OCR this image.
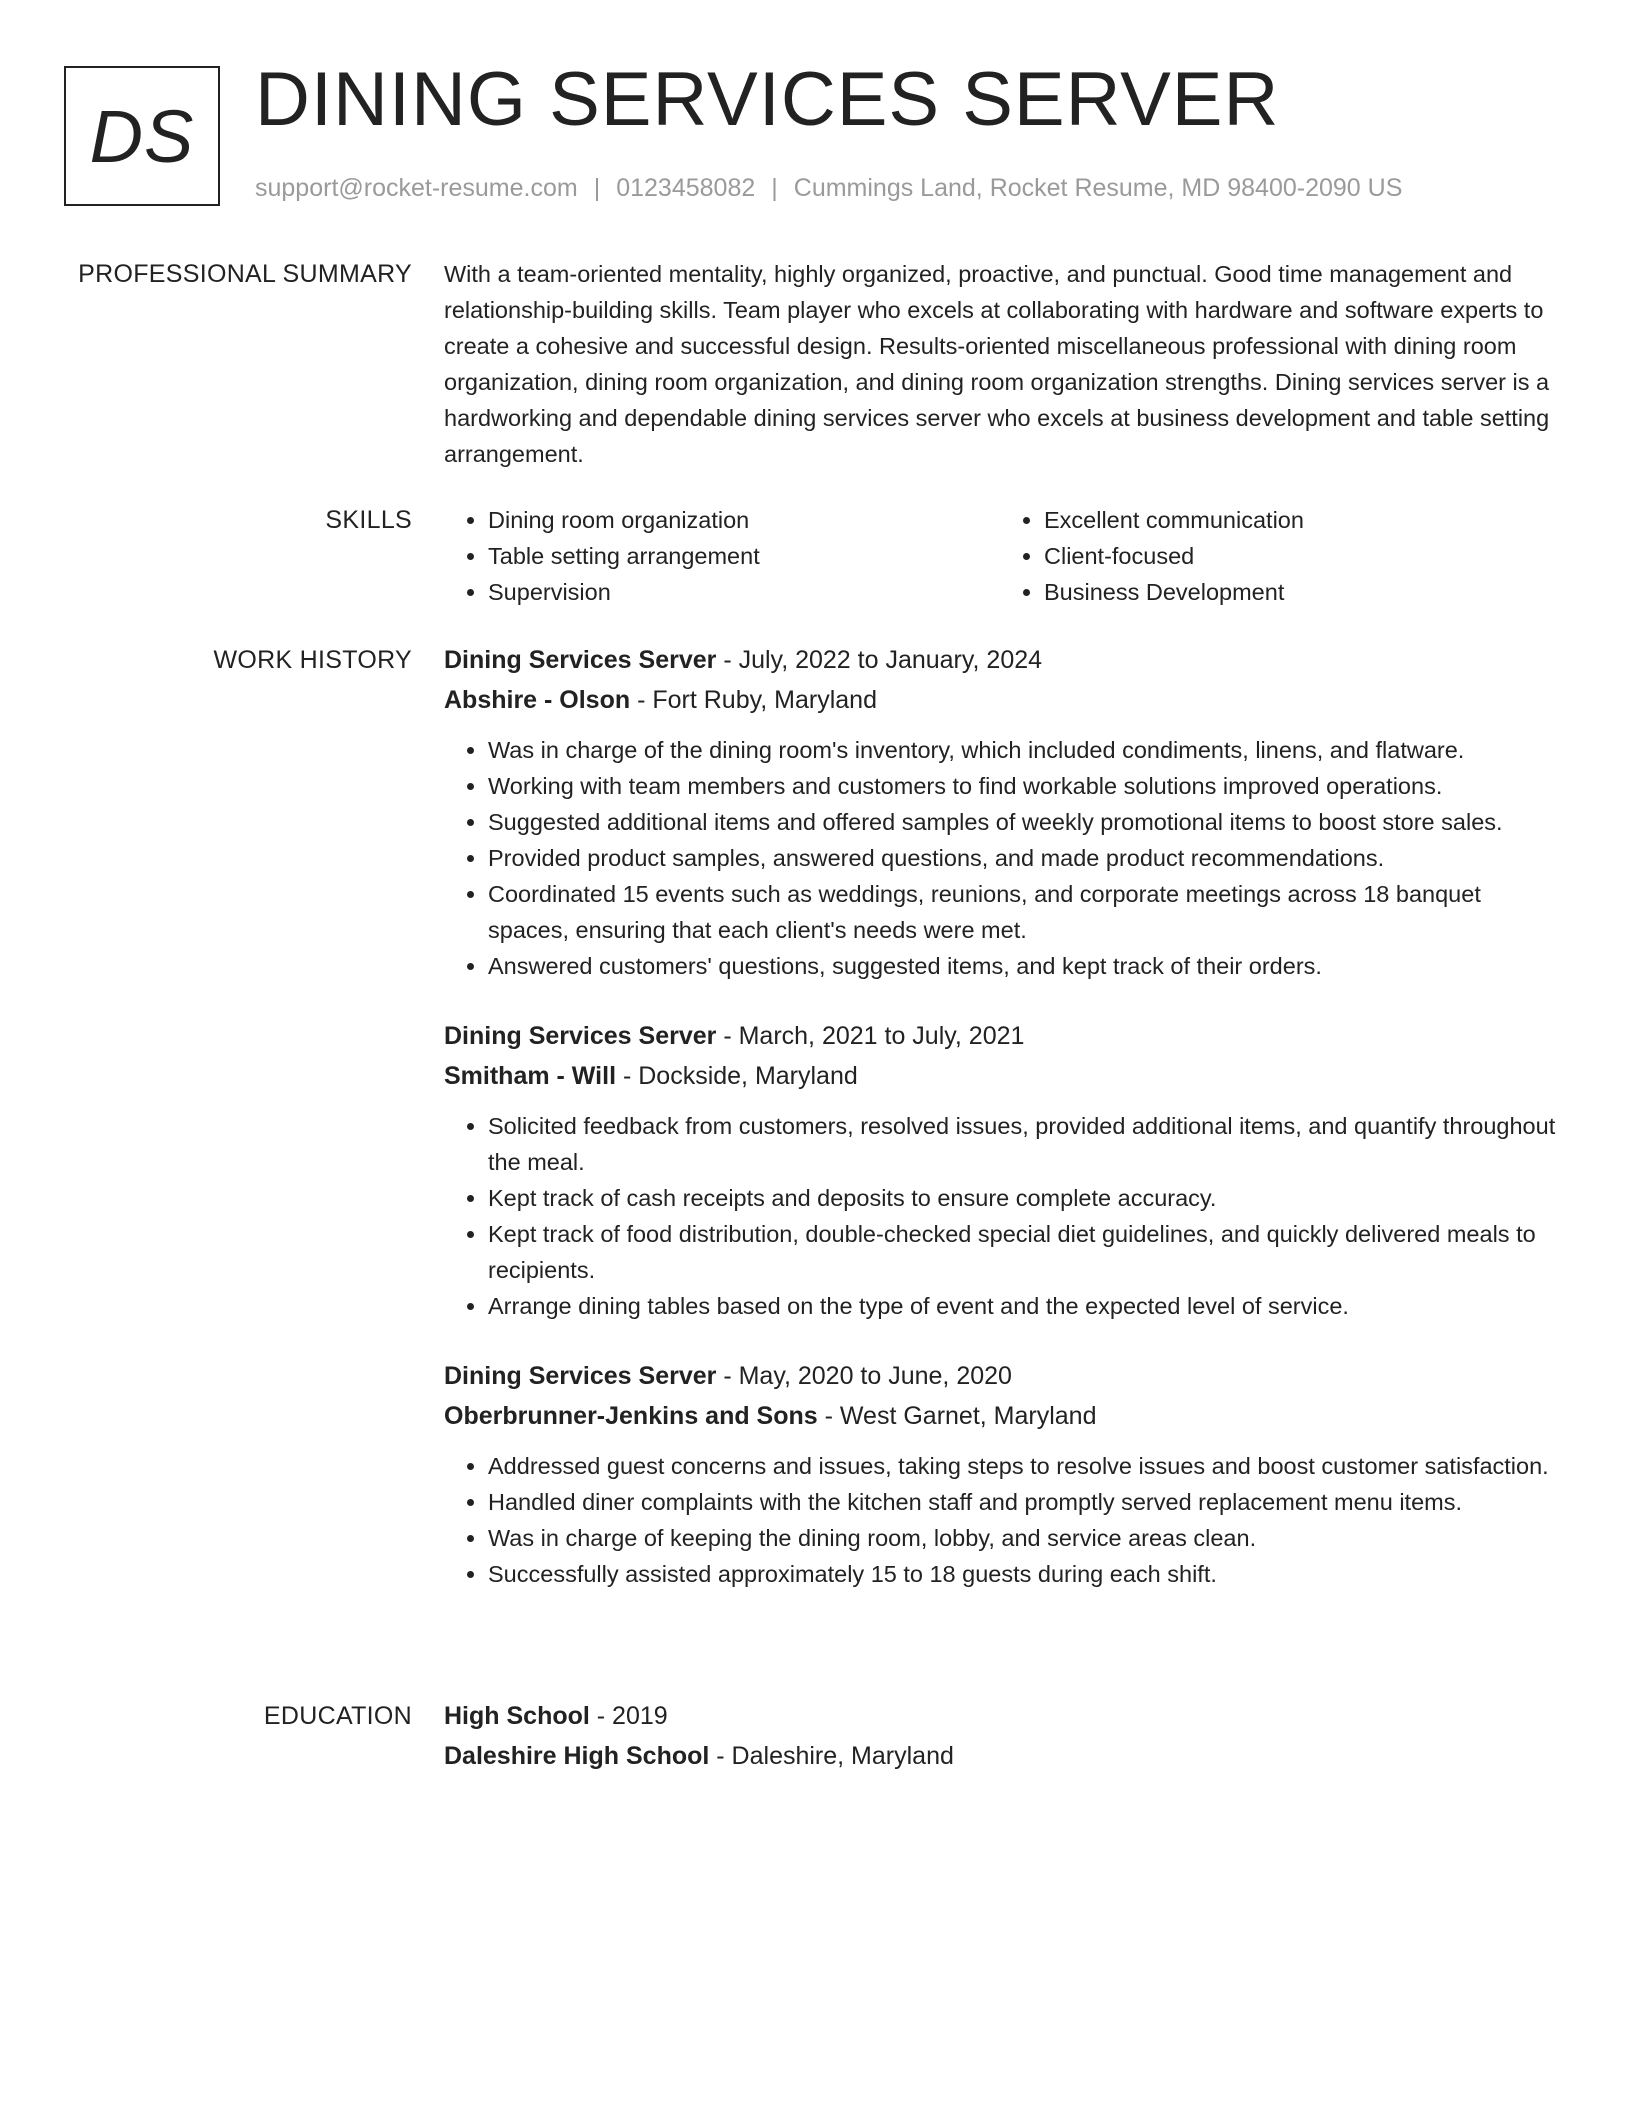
DS DINING SERVICES SERVER
support@rocket-resume.com | 0123458082 | Cummings Land, Rocket Resume, MD 98400-2090 US
PROFESSIONAL SUMMARY With a team-oriented mentality, highly organized, proactive, and punctual. Good time management and relationship-building skills. Team player who excels at collaborating with hardware and software experts to create a cohesive and successful design. Results-oriented miscellaneous professional with dining room organization, dining room organization, and dining room organization strengths. Dining services server is a hardworking and dependable dining services server who excels at business development and table setting arrangement.
SKILLS
•	Dining room organization
• Table setting arrangement
• Supervision
• Excellent communication
• Client-focused
• Business Development
WORK HISTORY Dining Services Server - July, 2022 to January, 2024
Abshire - Olson - Fort Ruby, Maryland
• Was in charge of the dining room's inventory, which included condiments, linens, and flatware.
• Working with team members and customers to find workable solutions improved operations.
• Suggested additional items and offered samples of weekly promotional items to boost store sales.
• Provided product samples, answered questions, and made product recommendations.
• Coordinated 15 events such as weddings, reunions, and corporate meetings across 18 banquet spaces, ensuring that each client's needs were met.
• Answered customers' questions, suggested items, and kept track of their orders.
Dining Services Server - March, 2021 to July, 2021
Smitham - Will - Dockside, Maryland
• Solicited feedback from customers, resolved issues, provided additional items, and quantify throughout the meal.
• Kept track of cash receipts and deposits to ensure complete accuracy.
• Kept track of food distribution, double-checked special diet guidelines, and quickly delivered meals to recipients.
• Arrange dining tables based on the type of event and the expected level of service.
Dining Services Server - May, 2020 to June, 2020
Oberbrunner-Jenkins and Sons - West Garnet, Maryland
• Addressed guest concerns and issues, taking steps to resolve issues and boost customer satisfaction.
• Handled diner complaints with the kitchen staff and promptly served replacement menu items.
• Was in charge of keeping the dining room, lobby, and service areas clean.
• Successfully assisted approximately 15 to 18 guests during each shift.
EDUCATION High School - 2019
Daleshire High School - Daleshire, Maryland
